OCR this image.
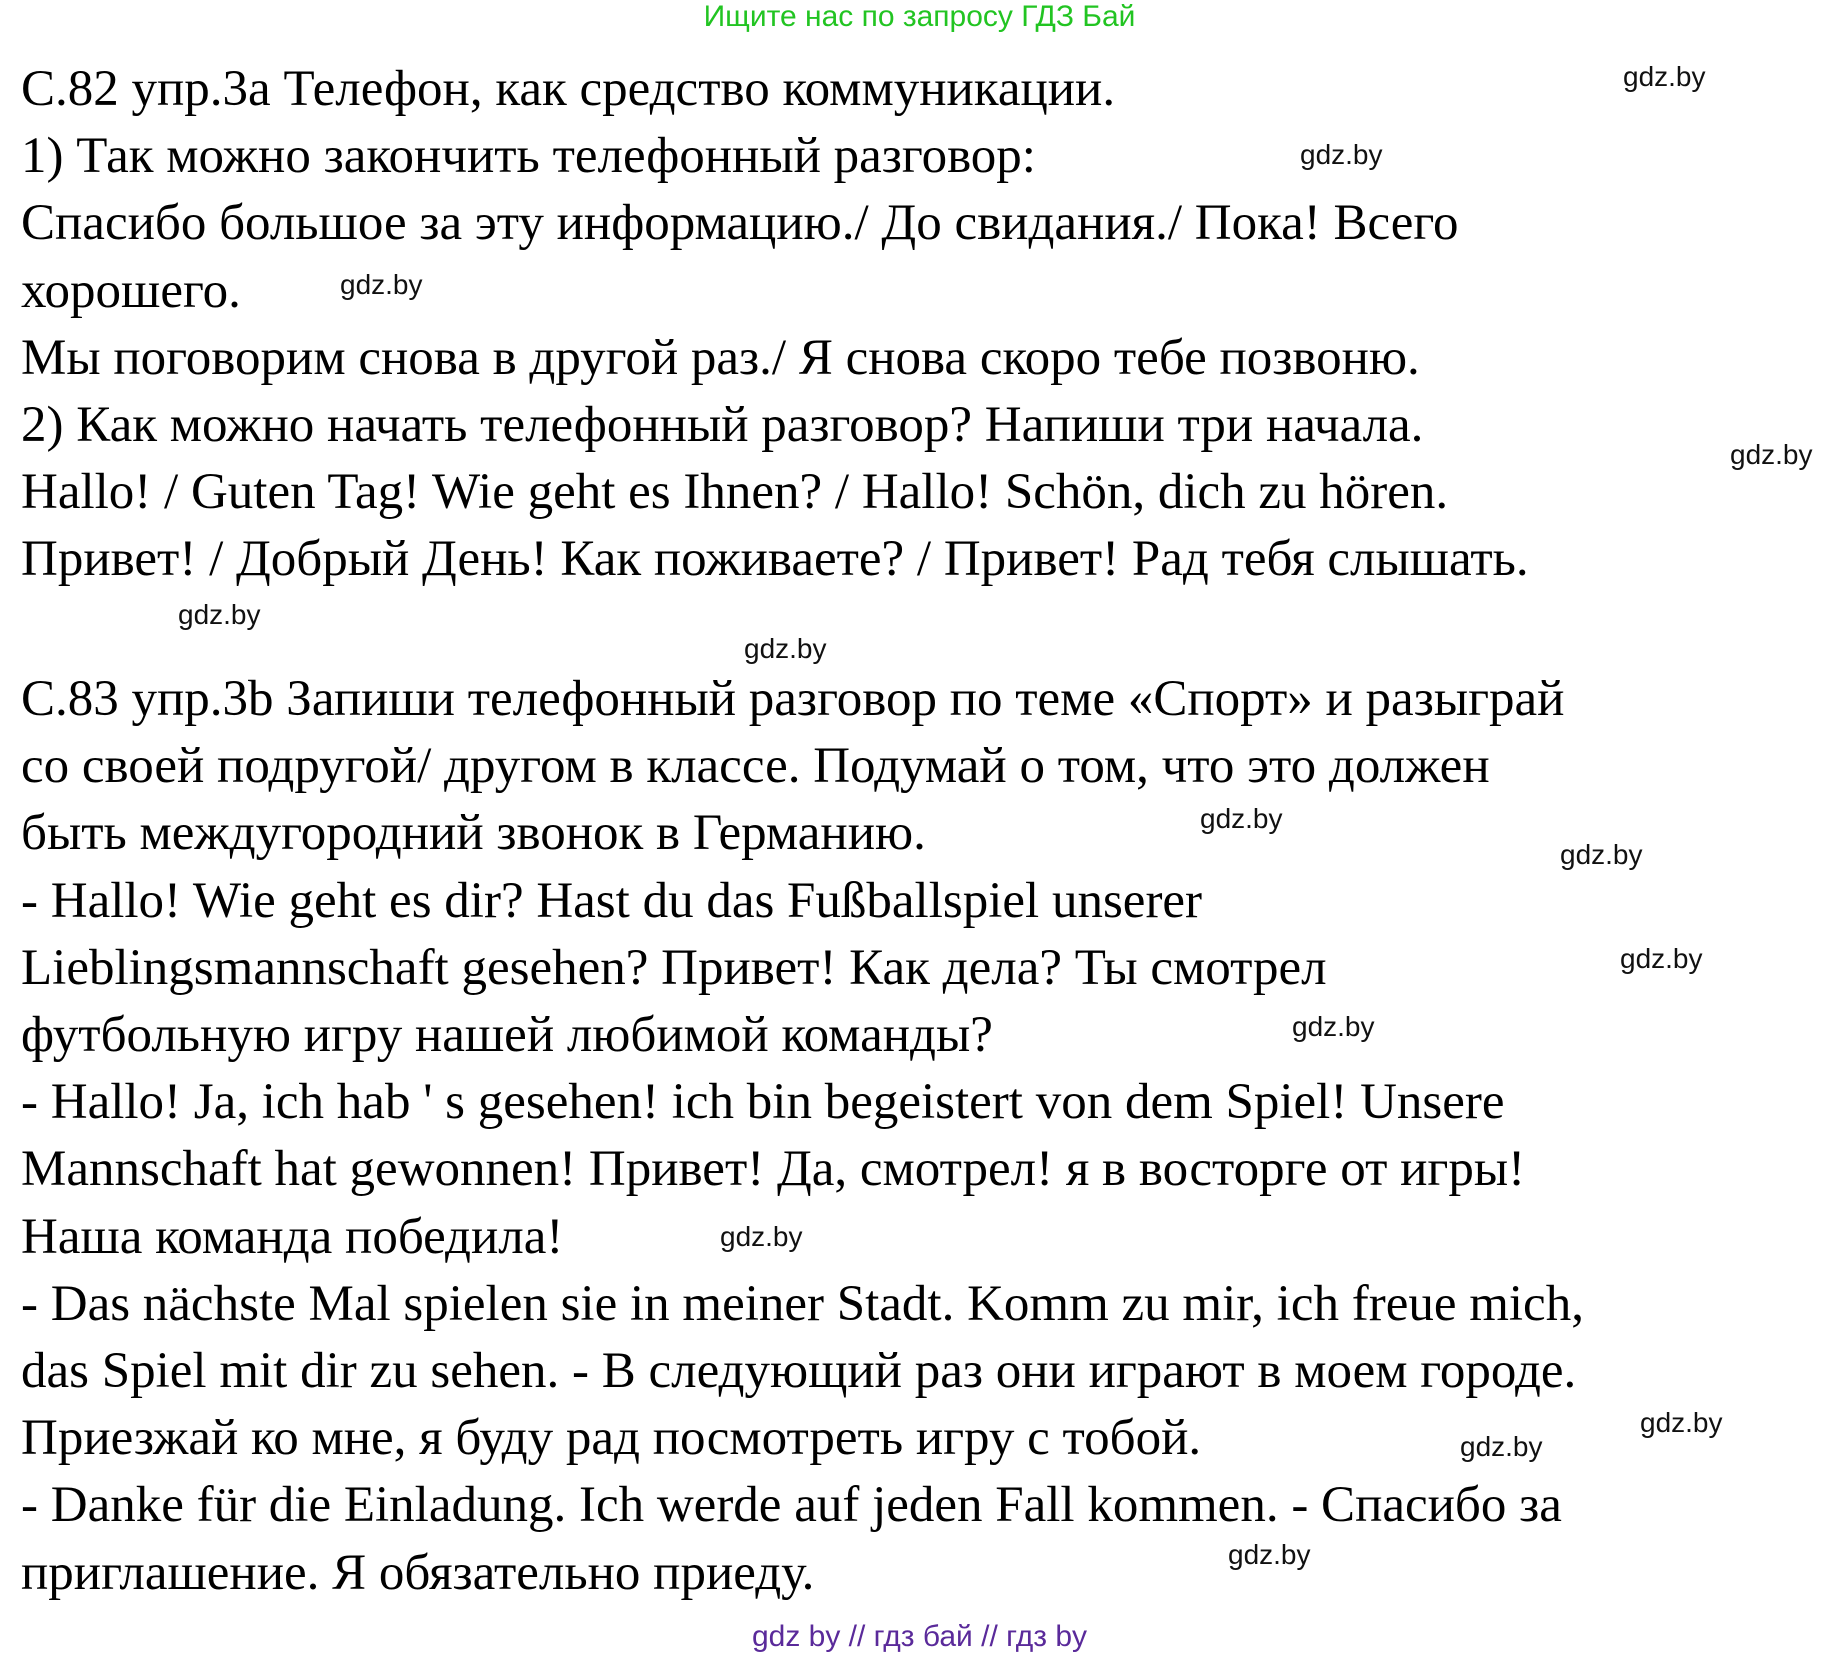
Ищите нас по запросу ГДЗ Бай
С.82 упр.3а Телефон, как средство коммуникации.
1) Так можно закончить телефонный разговор:
Спасибо большое за эту информацию./ До свидания./ Пока! Всего
хорошего.
Мы поговорим снова в другой раз./ Я снова скоро тебе позвоню.
2) Как можно начать телефонный разговор? Напиши три начала.
Hallo! / Guten Tag! Wie geht es Ihnen? / Hallo! Schön, dich zu hören.
Привет! / Добрый День! Как поживаете? / Привет! Рад тебя слышать.
С.83 упр.3b Запиши телефонный разговор по теме «Спорт» и разыграй
со своей подругой/ другом в классе. Подумай о том, что это должен
быть междугородний звонок в Германию.
- Hallo! Wie geht es dir? Hast du das Fußballspiel unserer
Lieblingsmannschaft gesehen? Привет! Как дела? Ты смотрел
футбольную игру нашей любимой команды?
- Hallo! Ja, ich hab ' s gesehen! ich bin begeistert von dem Spiel! Unsere
Mannschaft hat gewonnen! Привет! Да, смотрел! я в восторге от игры!
Наша команда победила!
- Das nächste Mal spielen sie in meiner Stadt. Komm zu mir, ich freue mich,
das Spiel mit dir zu sehen. - В следующий раз они играют в моем городе.
Приезжай ко мне, я буду рад посмотреть игру с тобой.
- Danke für die Einladung. Ich werde auf jeden Fall kommen. - Спасибо за
приглашение. Я обязательно приеду.
gdz.by
gdz.by
gdz.by
gdz.by
gdz.by
gdz.by
gdz.by
gdz.by
gdz.by
gdz.by
gdz.by
gdz.by
gdz.by
gdz.by
gdz by // гдз бай // гдз by
